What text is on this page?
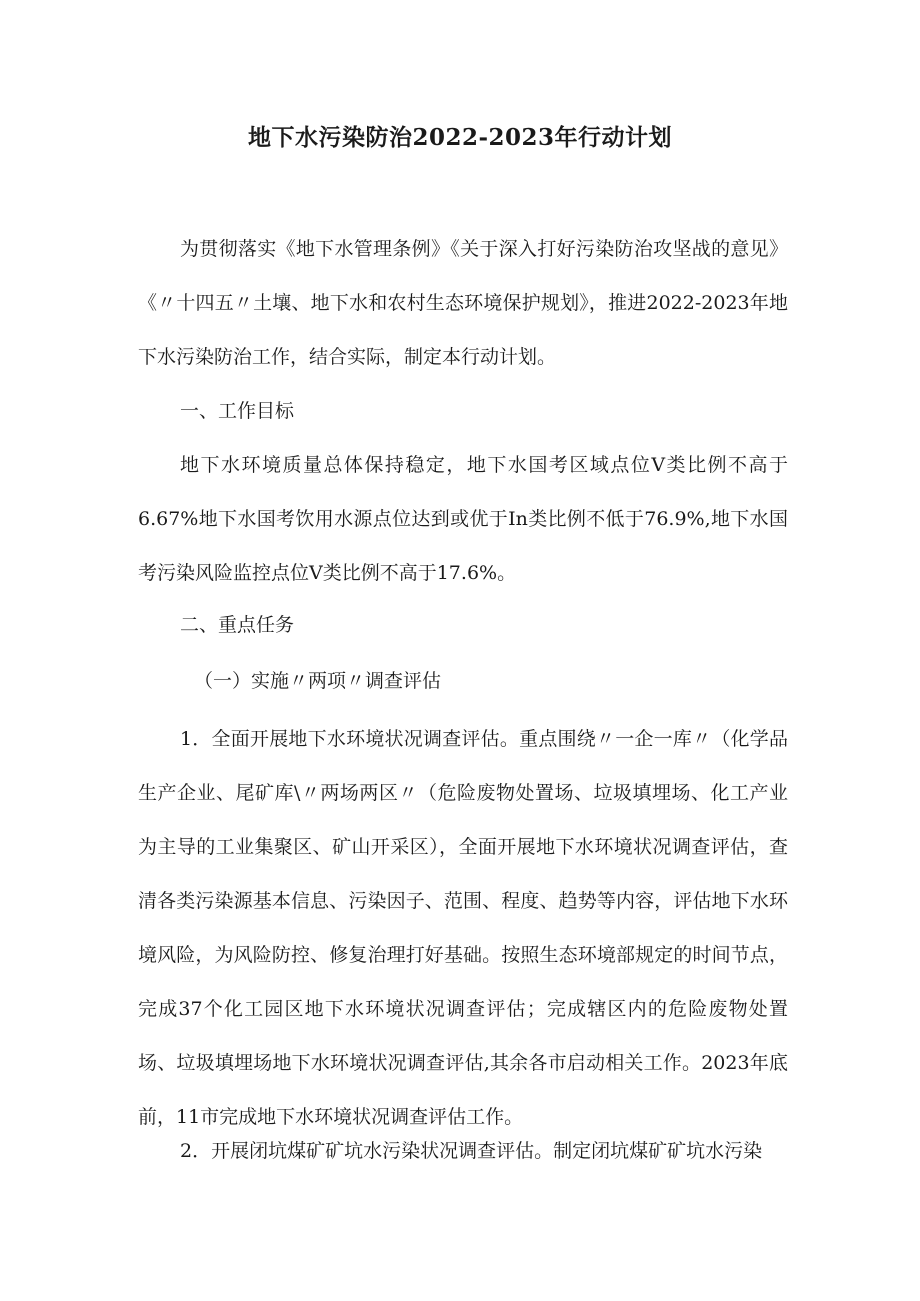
地下水污染防治2022-2023年行动计划

为贯彻落实《地下水管理条例》《关于深入打好污染防治攻坚战的意见》《〃十四五〃土壤、地下水和农村生态环境保护规划》，推进2022-2023年地下水污染防治工作，结合实际，制定本行动计划。

一、工作目标

地下水环境质量总体保持稳定，地下水国考区域点位V类比例不高于6.67%地下水国考饮用水源点位达到或优于In类比例不低于76.9%,地下水国考污染风险监控点位V类比例不高于17.6%。

二、重点任务

（一）实施〃两项〃调查评估

1．全面开展地下水环境状况调查评估。重点围绕〃一企一库〃（化学品生产企业、尾矿库\〃两场两区〃（危险废物处置场、垃圾填埋场、化工产业为主导的工业集聚区、矿山开采区），全面开展地下水环境状况调查评估，查清各类污染源基本信息、污染因子、范围、程度、趋势等内容，评估地下水环境风险，为风险防控、修复治理打好基础。按照生态环境部规定的时间节点，完成37个化工园区地下水环境状况调查评估；完成辖区内的危险废物处置场、垃圾填埋场地下水环境状况调查评估,其余各市启动相关工作。2023年底前，11市完成地下水环境状况调查评估工作。

2．开展闭坑煤矿矿坑水污染状况调查评估。制定闭坑煤矿矿坑水污染
